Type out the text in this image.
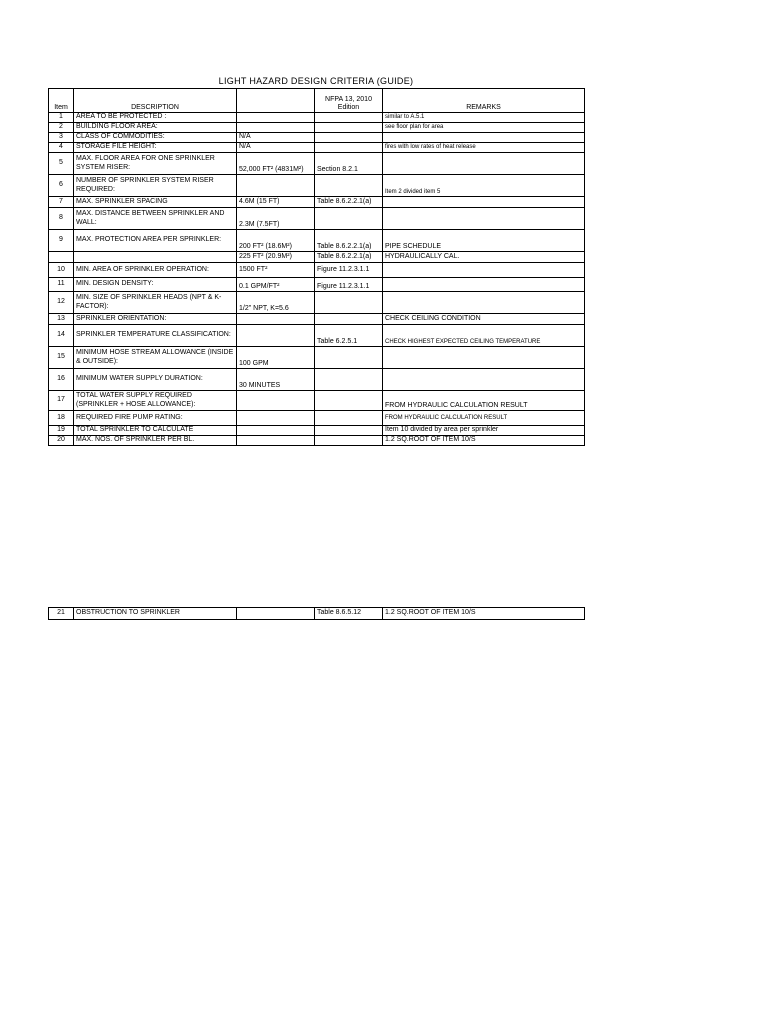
LIGHT HAZARD DESIGN CRITERIA (GUIDE)
Item	DESCRIPTION		NFPA 13, 2010 Edition	REMARKS
1	AREA TO BE PROTECTED :			similar to A.5.1
2	BUILDING FLOOR AREA:			see floor plan for area
3	CLASS OF COMMODITIES:	N/A		
4	STORAGE FILE HEIGHT:	N/A		fires with low rates of heat release
5	MAX. FLOOR AREA FOR ONE SPRINKLER SYSTEM RISER:	52,000 FT² (4831M²)	Section 8.2.1	
6	NUMBER OF SPRINKLER SYSTEM RISER REQUIRED:			Item 2 divided item 5
7	MAX. SPRINKLER SPACING	4.6M (15 FT)	Table 8.6.2.2.1(a)	
8	MAX. DISTANCE BETWEEN SPRINKLER AND WALL:	2.3M (7.5FT)		
9	MAX. PROTECTION AREA PER SPRINKLER:	200 FT² (18.6M²)	Table 8.6.2.2.1(a)	PIPE SCHEDULE
		225 FT² (20.9M²)	Table 8.6.2.2.1(a)	HYDRAULICALLY CAL.
10	MIN. AREA OF SPRINKLER OPERATION:	1500 FT²	Figure 11.2.3.1.1	
11	MIN. DESIGN DENSITY:	0.1 GPM/FT²	Figure 11.2.3.1.1	
12	MIN. SIZE OF SPRINKLER HEADS (NPT & K-FACTOR):	1/2" NPT, K=5.6		
13	SPRINKLER ORIENTATION:			CHECK CEILING CONDITION
14	SPRINKLER TEMPERATURE CLASSIFICATION:		Table 6.2.5.1	CHECK HIGHEST EXPECTED CEILING TEMPERATURE
15	MINIMUM HOSE STREAM ALLOWANCE (INSIDE & OUTSIDE):	100 GPM		
16	MINIMUM WATER SUPPLY DURATION:	30 MINUTES		
17	TOTAL WATER SUPPLY REQUIRED (SPRINKLER + HOSE ALLOWANCE):			FROM HYDRAULIC CALCULATION RESULT
18	REQUIRED FIRE PUMP RATING:			FROM HYDRAULIC CALCULATION RESULT
19	TOTAL SPRINKLER TO CALCULATE			Item 10 divided by area per sprinkler
20	MAX. NOS. OF SPRINKLER PER BL.			1.2 SQ.ROOT OF ITEM 10/S
21	OBSTRUCTION TO SPRINKLER		Table 8.6.5.12	1.2 SQ.ROOT OF ITEM 10/S
